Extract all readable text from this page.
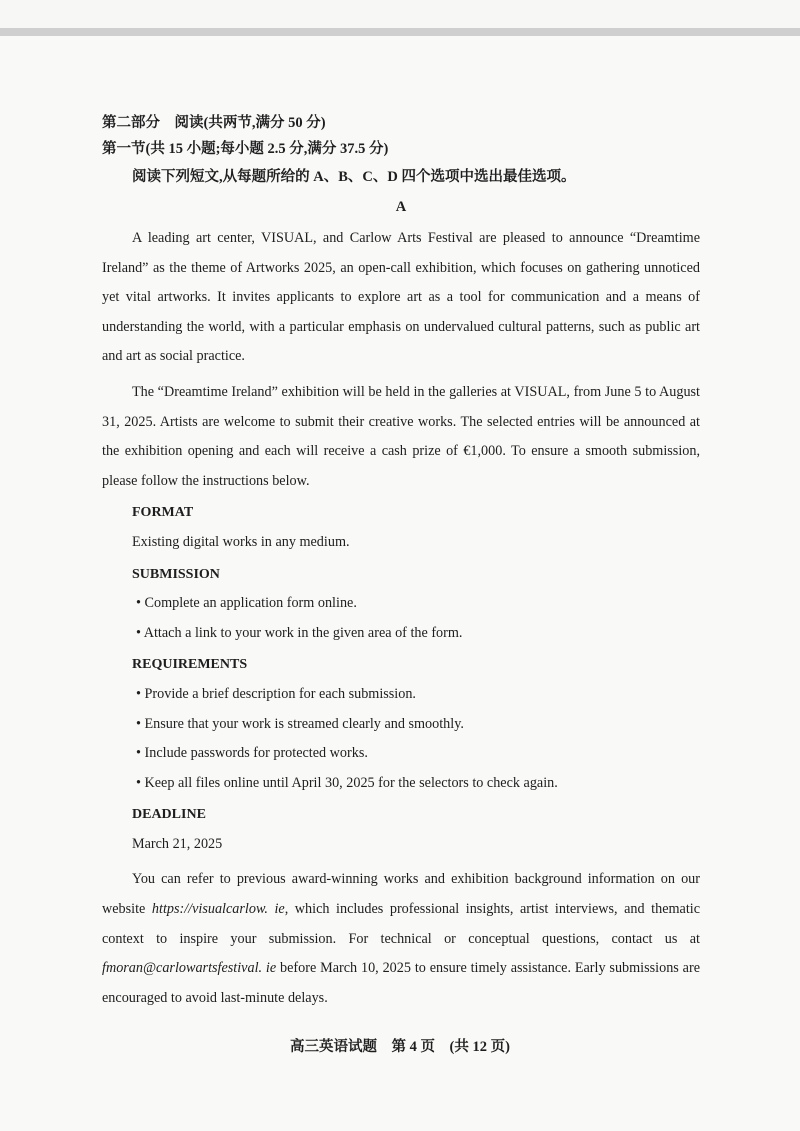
第二部分　阅读(共两节,满分 50 分)

第一节(共 15 小题;每小题 2.5 分,满分 37.5 分)

阅读下列短文,从每题所给的 A、B、C、D 四个选项中选出最佳选项。

A

A leading art center, VISUAL, and Carlow Arts Festival are pleased to announce “Dreamtime Ireland” as the theme of Artworks 2025, an open-call exhibition, which focuses on gathering unnoticed yet vital artworks. It invites applicants to explore art as a tool for communication and a means of understanding the world, with a particular emphasis on undervalued cultural patterns, such as public art and art as social practice.

The “Dreamtime Ireland” exhibition will be held in the galleries at VISUAL, from June 5 to August 31, 2025. Artists are welcome to submit their creative works. The selected entries will be announced at the exhibition opening and each will receive a cash prize of €1,000. To ensure a smooth submission, please follow the instructions below.

FORMAT
Existing digital works in any medium.
SUBMISSION
• Complete an application form online.
• Attach a link to your work in the given area of the form.
REQUIREMENTS
• Provide a brief description for each submission.
• Ensure that your work is streamed clearly and smoothly.
• Include passwords for protected works.
• Keep all files online until April 30, 2025 for the selectors to check again.
DEADLINE
March 21, 2025

You can refer to previous award-winning works and exhibition background information on our website https://visualcarlow. ie, which includes professional insights, artist interviews, and thematic context to inspire your submission. For technical or conceptual questions, contact us at fmoran@carlowartsfestival. ie before March 10, 2025 to ensure timely assistance. Early submissions are encouraged to avoid last-minute delays.

高三英语试题　第 4 页　(共 12 页)
